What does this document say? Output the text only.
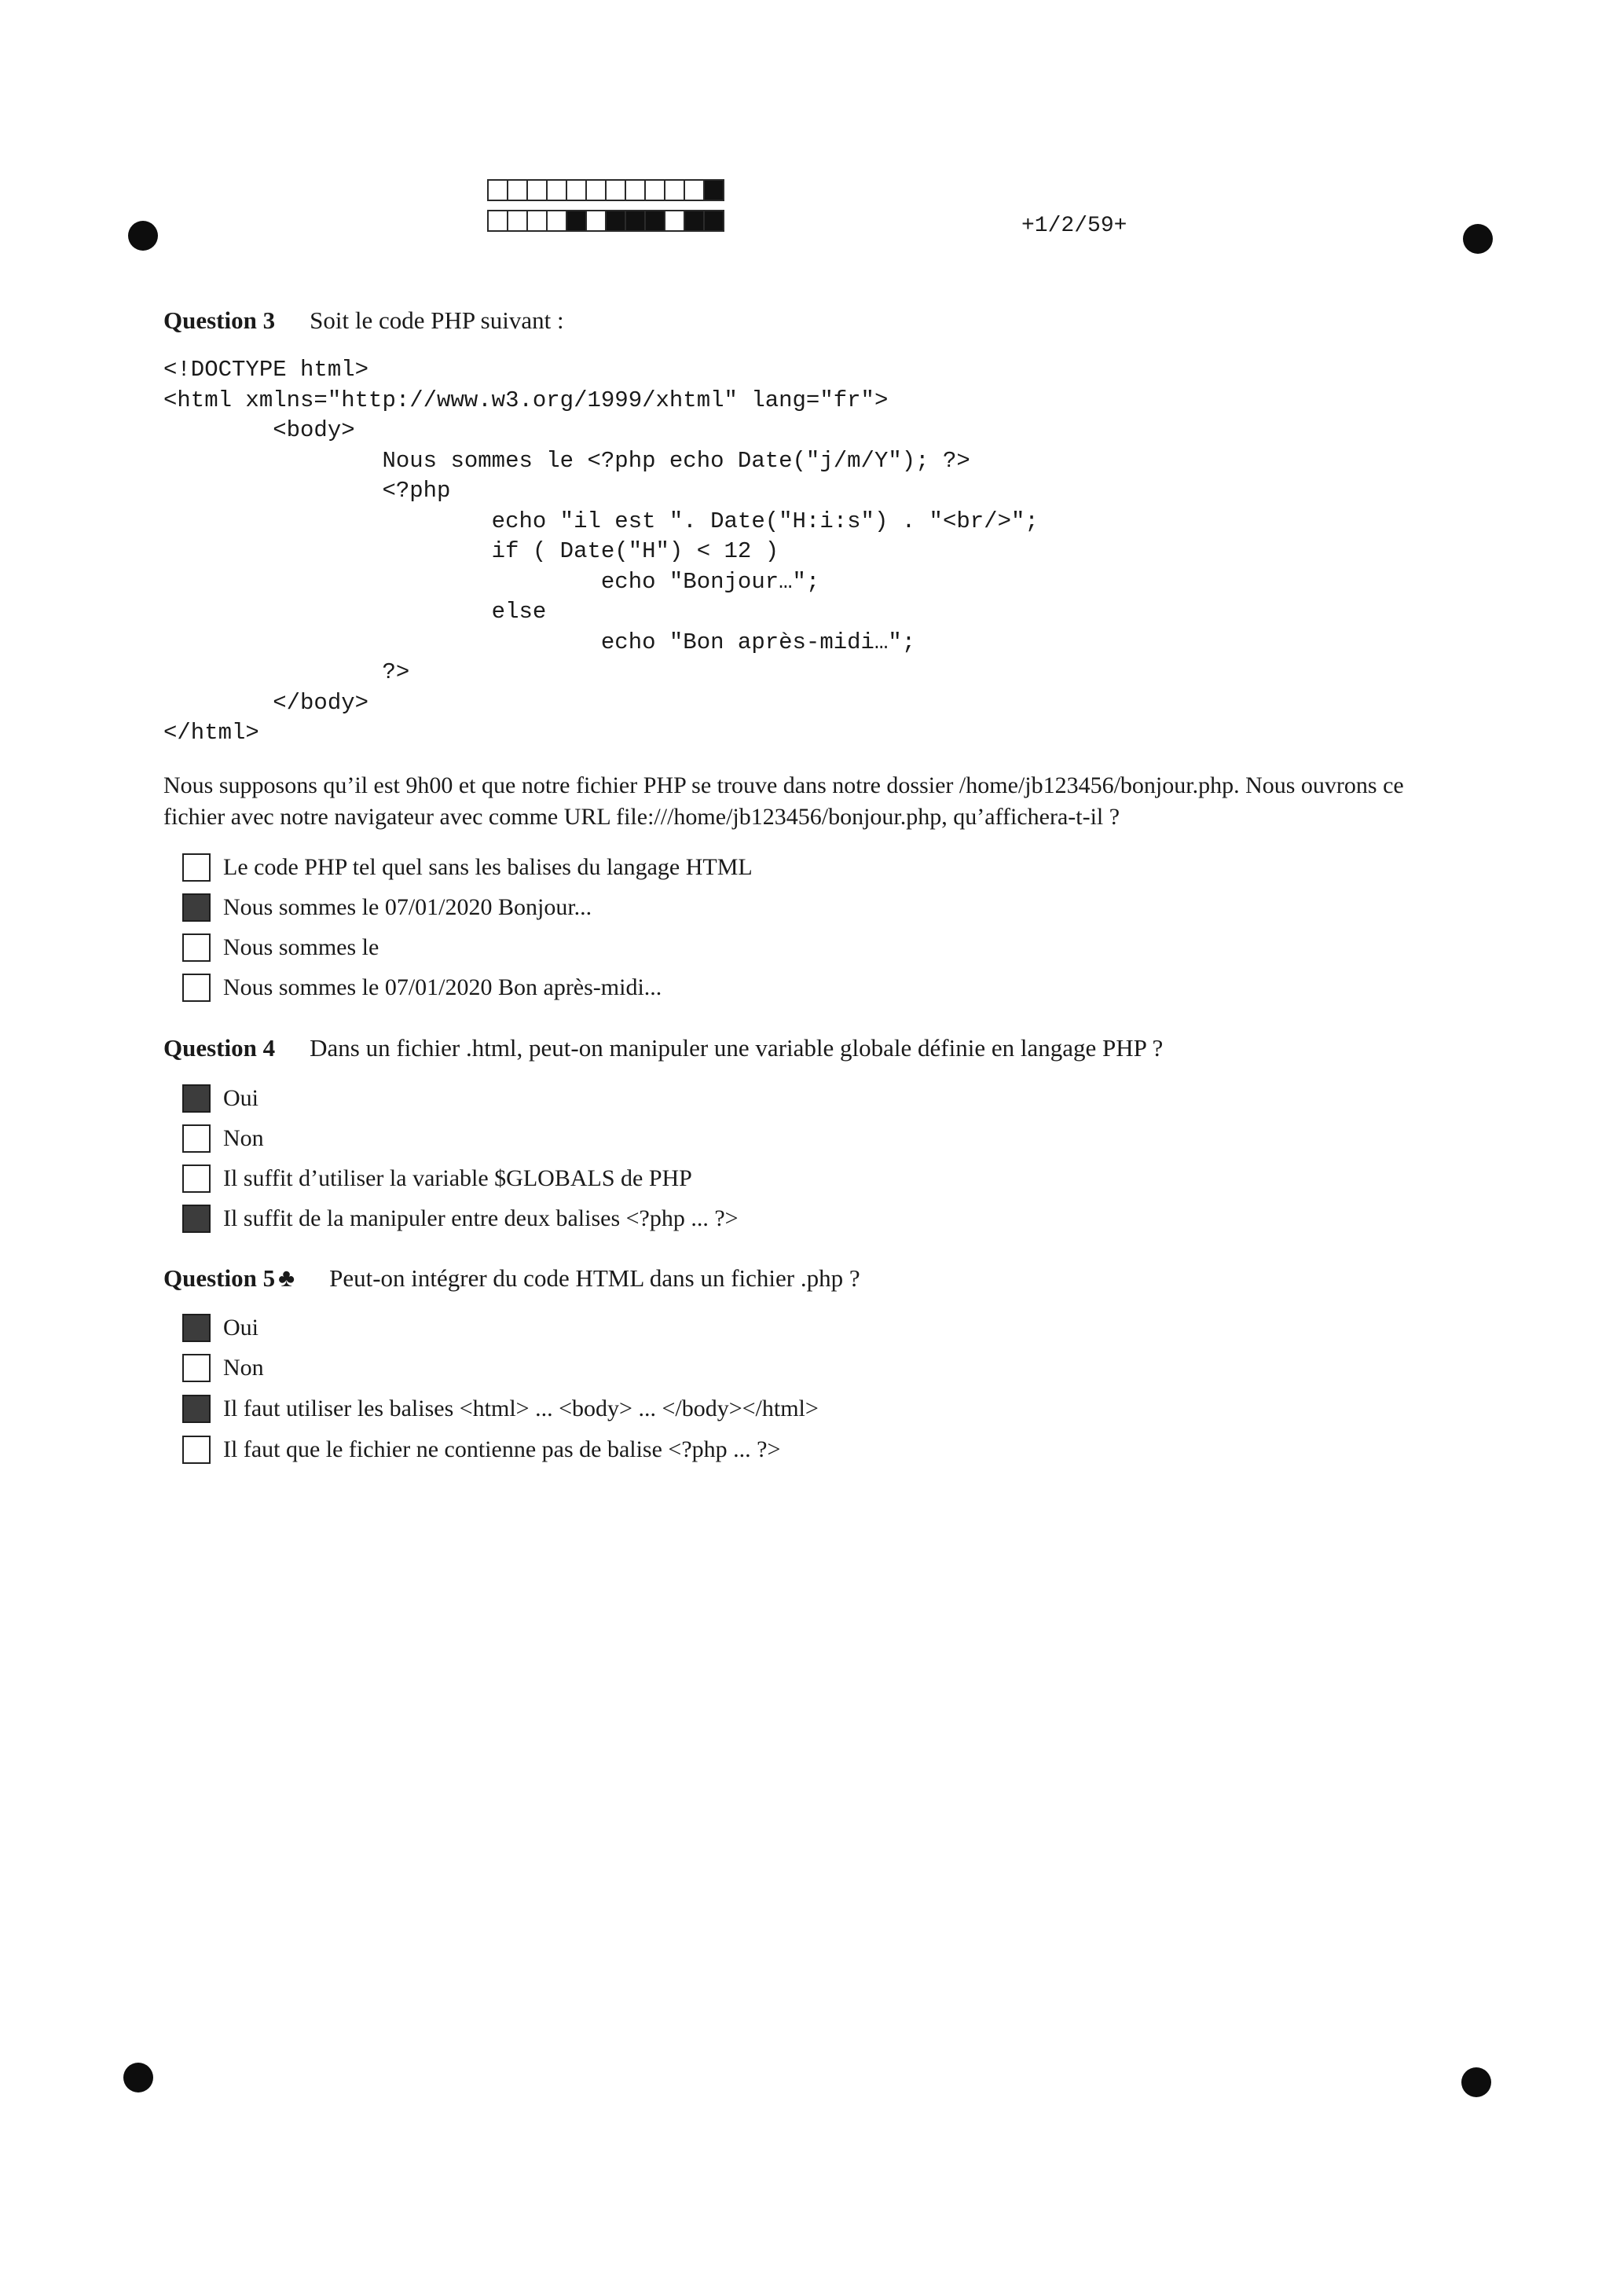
+1/2/59+
Question 3 Soit le code PHP suivant :
<!DOCTYPE html>
<html xmlns="http://www.w3.org/1999/xhtml" lang="fr">
<body>
Nous sommes le <?php echo Date("j/m/Y"); ?>
<?php
echo "il est ". Date("H:i:s") . "<br/>";
if ( Date("H") < 12 )
echo "Bonjour…";
else
echo "Bon après-midi…";
?>
</body>
</html>
Nous supposons qu’il est 9h00 et que notre fichier PHP se trouve dans notre dossier /home/jb123456/bonjour.php. Nous ouvrons ce fichier avec notre navigateur avec comme URL file:///home/jb123456/bonjour.php, qu’affichera-t-il ?
Le code PHP tel quel sans les balises du langage HTML
Nous sommes le 07/01/2020 Bonjour...
Nous sommes le
Nous sommes le 07/01/2020 Bon après-midi...
Question 4 Dans un fichier .html, peut-on manipuler une variable globale définie en langage PHP ?
Oui
Non
Il suffit d’utiliser la variable $GLOBALS de PHP
Il suffit de la manipuler entre deux balises <?php ... ?>
Question 5 ♣ Peut-on intégrer du code HTML dans un fichier .php ?
Oui
Non
Il faut utiliser les balises <html> ... <body> ... </body></html>
Il faut que le fichier ne contienne pas de balise <?php ... ?>
